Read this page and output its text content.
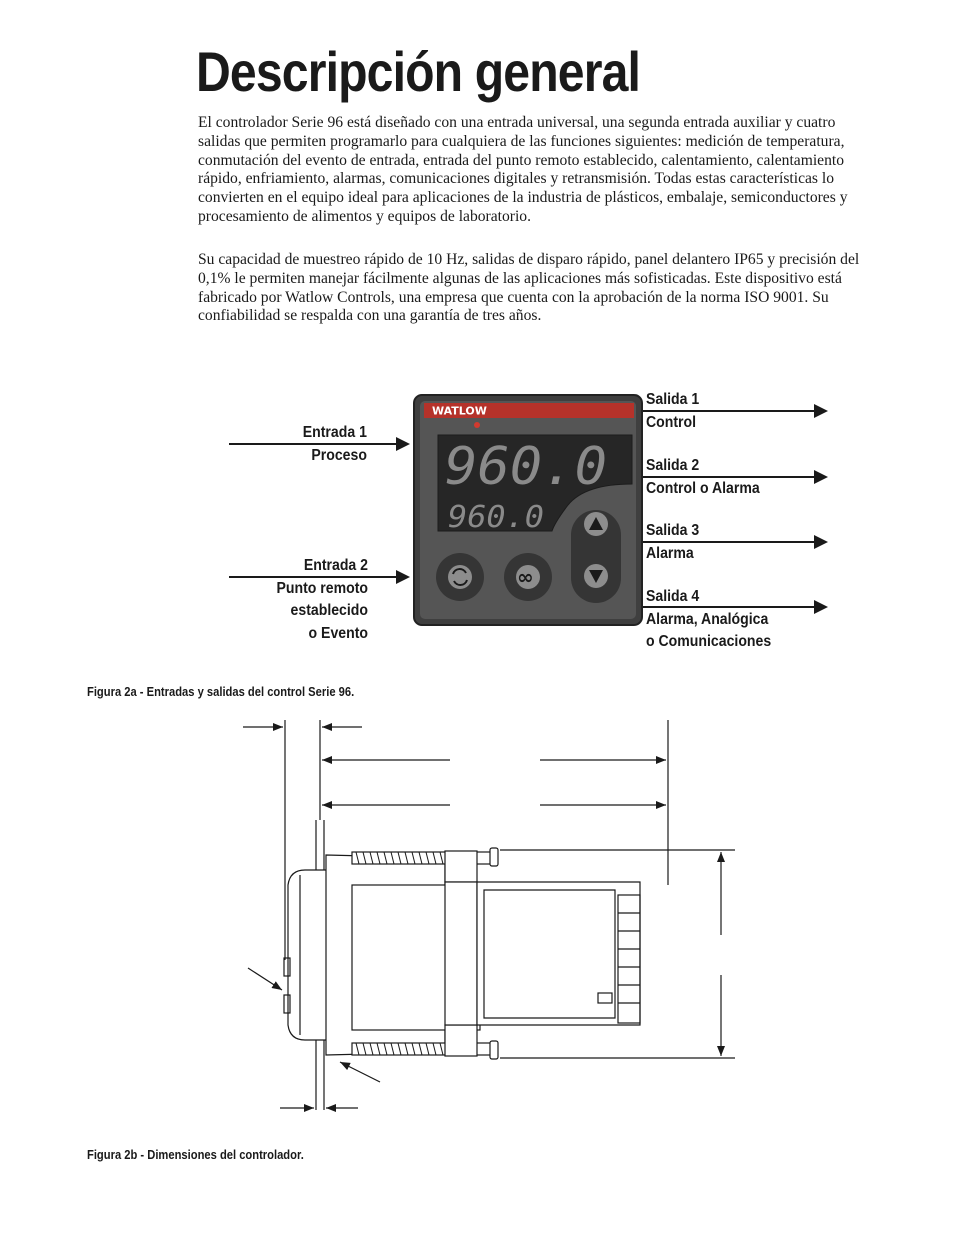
Descripción general

El controlador Serie 96 está diseñado con una entrada universal, una segunda entrada auxiliar y cuatro salidas que permiten programarlo para cualquiera de las funciones siguientes: medición de temperatura, conmutación del evento de entrada, entrada del punto remoto establecido, calentamiento, calentamiento rápido, enfriamiento, alarmas, comunicaciones digitales y retransmisión. Todas estas características lo convierten en el equipo ideal para aplicaciones de la industria de plásticos, embalaje, semiconductores y procesamiento de alimentos y equipos de laboratorio.

Su capacidad de muestreo rápido de 10 Hz, salidas de disparo rápido, panel delantero IP65 y precisión del 0,1% le permiten manejar fácilmente algunas de las aplicaciones más sofisticadas. Este dispositivo está fabricado por Watlow Controls, una empresa que cuenta con la aprobación de la norma ISO 9001. Su confiabilidad se respalda con una garantía de tres años.

WATLOW
960.0
960.0
∞
Entrada 1
Proceso
Entrada 2
Punto remoto
establecido
o Evento
Salida 1
Control
Salida 2
Control o Alarma
Salida 3
Alarma
Salida 4
Alarma, Analógica
o Comunicaciones

Figura 2a - Entradas y salidas del control Serie 96.

Figura 2b - Dimensiones del controlador.
